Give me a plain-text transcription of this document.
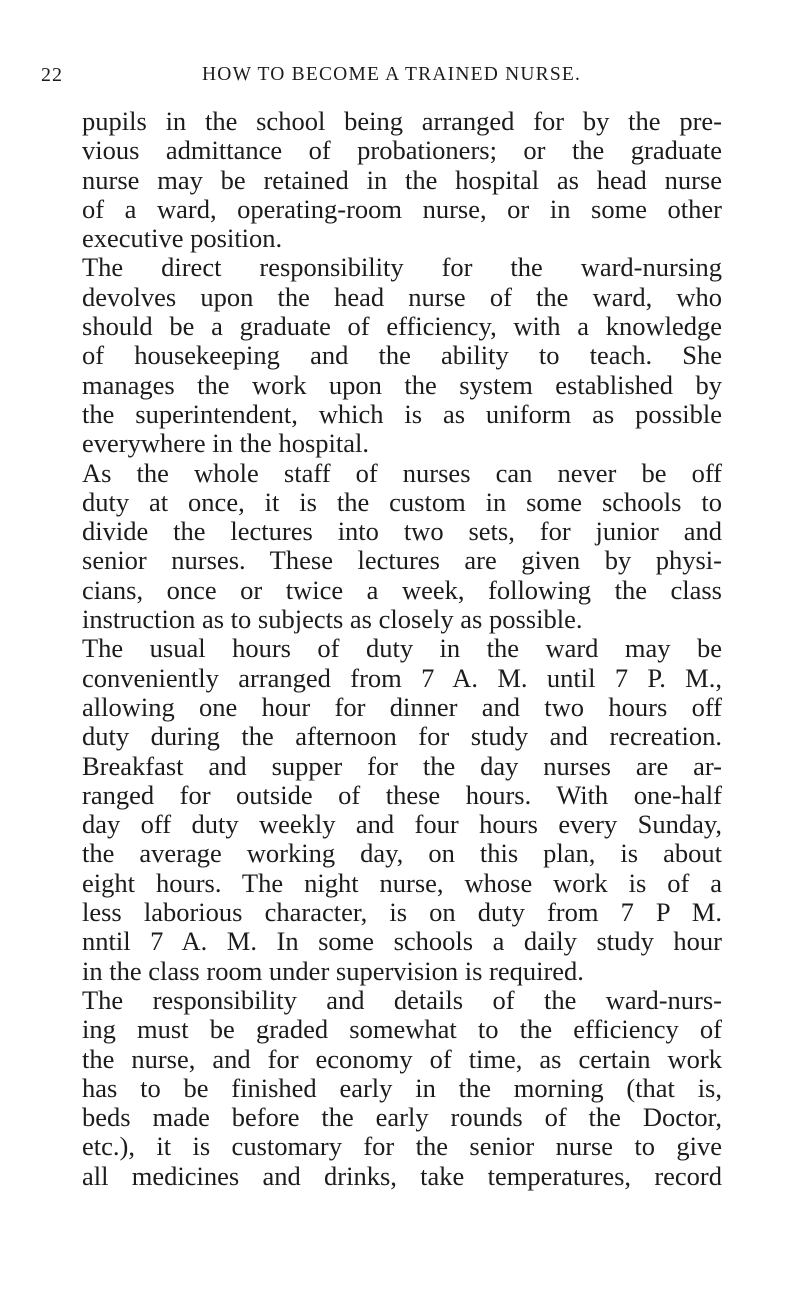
22	HOW TO BECOME A TRAINED NURSE.
pupils in the school being arranged for by the pre-
vious admittance of probationers; or the graduate
nurse may be retained in the hospital as head nurse
of a ward, operating-room nurse, or in some other
executive position.
The direct responsibility for the ward-nursing
devolves upon the head nurse of the ward, who
should be a graduate of efficiency, with a knowledge
of housekeeping and the ability to teach. She
manages the work upon the system established by
the superintendent, which is as uniform as possible
everywhere in the hospital.
As the whole staff of nurses can never be off
duty at once, it is the custom in some schools to
divide the lectures into two sets, for junior and
senior nurses. These lectures are given by physi-
cians, once or twice a week, following the class
instruction as to subjects as closely as possible.
The usual hours of duty in the ward may be
conveniently arranged from 7 A. M. until 7 P. M.,
allowing one hour for dinner and two hours off
duty during the afternoon for study and recreation.
Breakfast and supper for the day nurses are ar-
ranged for outside of these hours. With one-half
day off duty weekly and four hours every Sunday,
the average working day, on this plan, is about
eight hours. The night nurse, whose work is of a
less laborious character, is on duty from 7 P M.
nntil 7 A. M. In some schools a daily study hour
in the class room under supervision is required.
The responsibility and details of the ward-nurs-
ing must be graded somewhat to the efficiency of
the nurse, and for economy of time, as certain work
has to be finished early in the morning (that is,
beds made before the early rounds of the Doctor,
etc.), it is customary for the senior nurse to give
all medicines and drinks, take temperatures, record
